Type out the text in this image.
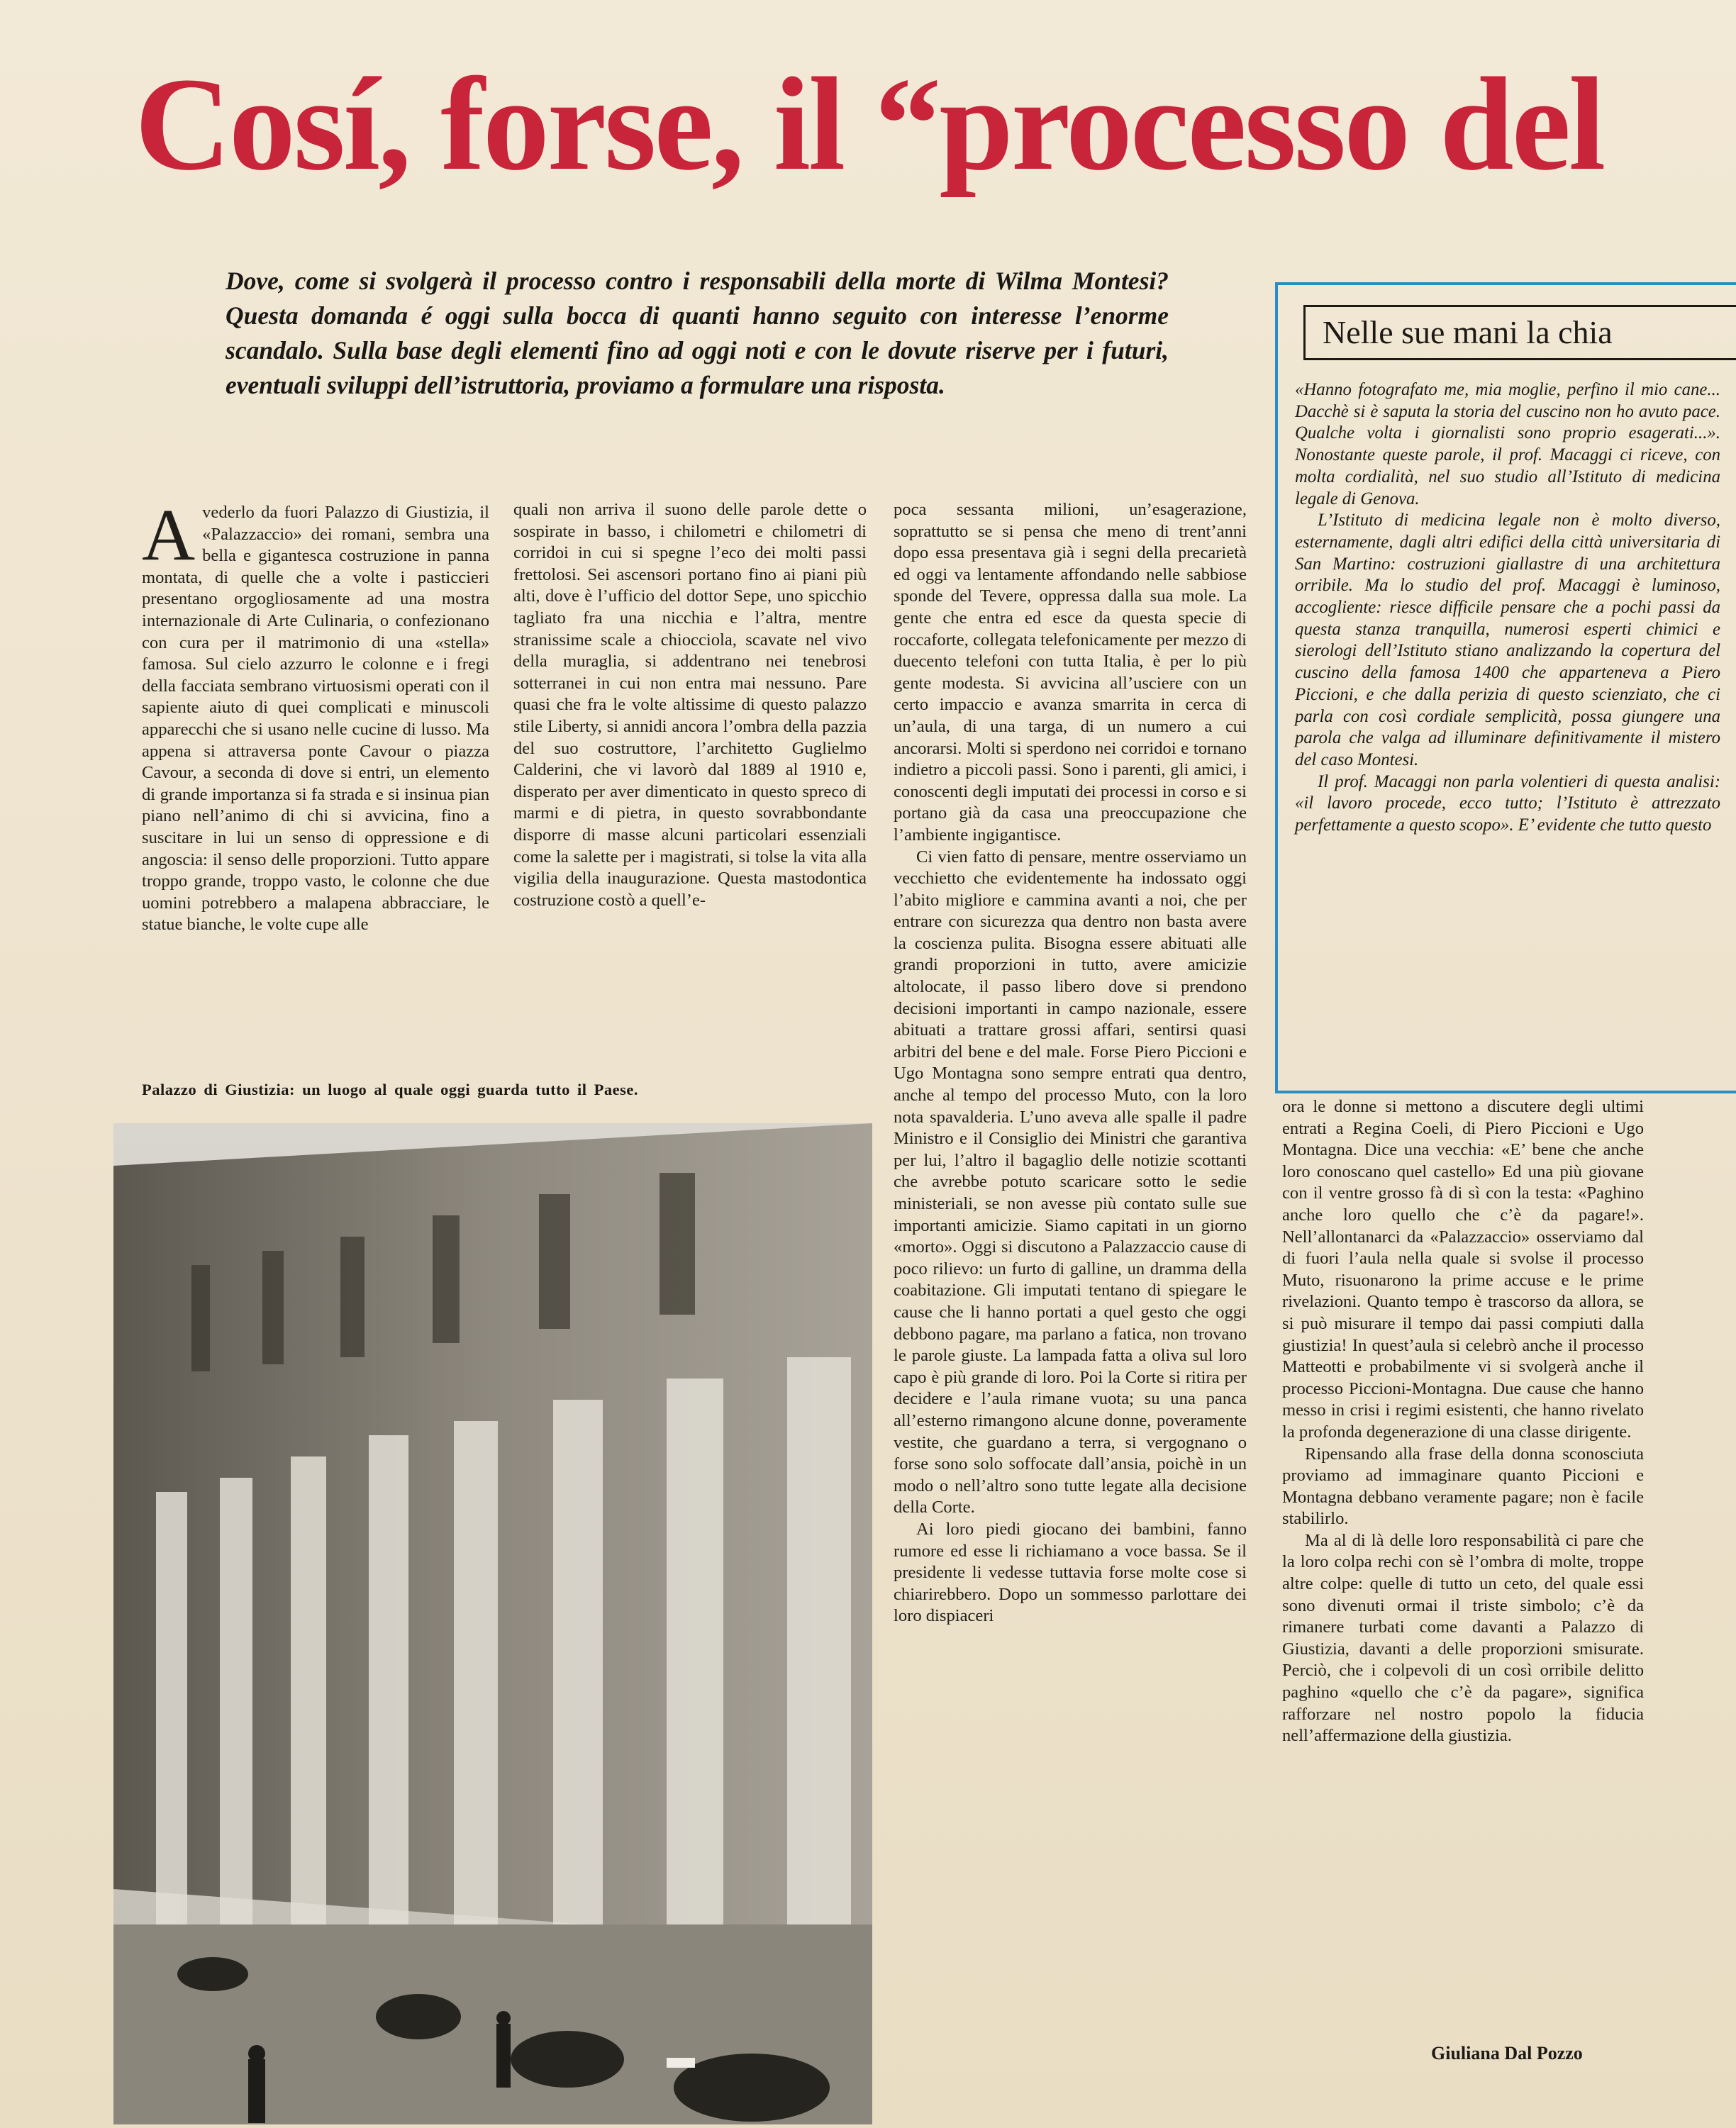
Cosí, forse, il “processo del
Dove, come si svolgerà il processo contro i responsabili della morte di Wilma Montesi? Questa domanda é oggi sulla bocca di quanti hanno seguito con interesse l’enorme scandalo. Sulla base degli elementi fino ad oggi noti e con le dovute riserve per i futuri, eventuali sviluppi dell’istruttoria, proviamo a formulare una risposta.
A vederlo da fuori Palazzo di Giustizia, il «Palazzaccio» dei romani, sembra una bella e gigantesca costruzione in panna montata, di quelle che a volte i pasticcieri presentano orgogliosamente ad una mostra internazionale di Arte Culinaria, o confezionano con cura per il matrimonio di una «stella» famosa. Sul cielo azzurro le colonne e i fregi della facciata sembrano virtuosismi operati con il sapiente aiuto di quei complicati e minuscoli apparecchi che si usano nelle cucine di lusso. Ma appena si attraversa ponte Cavour o piazza Cavour, a seconda di dove si entri, un elemento di grande importanza si fa strada e si insinua pian piano nell’animo di chi si avvicina, fino a suscitare in lui un senso di oppressione e di angoscia: il senso delle proporzioni. Tutto appare troppo grande, troppo vasto, le colonne che due uomini potrebbero a malapena abbracciare, le statue bianche, le volte cupe alle

quali non arriva il suono delle parole dette o sospirate in basso, i chilometri e chilometri di corridoi in cui si spegne l’eco dei molti passi frettolosi. Sei ascensori portano fino ai piani più alti, dove è l’ufficio del dottor Sepe, uno spicchio tagliato fra una nicchia e l’altra, mentre stranissime scale a chiocciola, scavate nel vivo della muraglia, si addentrano nei tenebrosi sotterranei in cui non entra mai nessuno. Pare quasi che fra le volte altissime di questo palazzo stile Liberty, si annidi ancora l’ombra della pazzia del suo costruttore, l’architetto Guglielmo Calderini, che vi lavorò dal 1889 al 1910 e, disperato per aver dimenticato in questo spreco di marmi e di pietra, in questo sovrabbondante disporre di masse alcuni particolari essenziali come la salette per i magistrati, si tolse la vita alla vigilia della inaugurazione. Questa mastodontica costruzione costò a quell’e-

poca sessanta milioni, un’esagerazione, soprattutto se si pensa che meno di trent’anni dopo essa presentava già i segni della precarietà ed oggi va lentamente affondando nelle sabbiose sponde del Tevere, oppressa dalla sua mole. La gente che entra ed esce da questa specie di roccaforte, collegata telefonicamente per mezzo di duecento telefoni con tutta Italia, è per lo più gente modesta. Si avvicina all’usciere con un certo impaccio e avanza smarrita in cerca di un’aula, di una targa, di un numero a cui ancorarsi. Molti si sperdono nei corridoi e tornano indietro a piccoli passi. Sono i parenti, gli amici, i conoscenti degli imputati dei processi in corso e si portano già da casa una preoccupazione che l’ambiente ingigantisce.

Ci vien fatto di pensare, mentre osserviamo un vecchietto che evidentemente ha indossato oggi l’abito migliore e cammina avanti a noi, che per entrare con sicurezza qua dentro non basta avere la coscienza pulita. Bisogna essere abituati alle grandi proporzioni in tutto, avere amicizie altolocate, il passo libero dove si prendono decisioni importanti in campo nazionale, essere abituati a trattare grossi affari, sentirsi quasi arbitri del bene e del male. Forse Piero Piccioni e Ugo Montagna sono sempre entrati qua dentro, anche al tempo del processo Muto, con la loro nota spavalderia. L’uno aveva alle spalle il padre Ministro e il Consiglio dei Ministri che garantiva per lui, l’altro il bagaglio delle notizie scottanti che avrebbe potuto scaricare sotto le sedie ministeriali, se non avesse più contato sulle sue importanti amicizie. Siamo capitati in un giorno «morto». Oggi si discutono a Palazzaccio cause di poco rilievo: un furto di galline, un dramma della coabitazione. Gli imputati tentano di spiegare le cause che li hanno portati a quel gesto che oggi debbono pagare, ma parlano a fatica, non trovano le parole giuste. La lampada fatta a oliva sul loro capo è più grande di loro. Poi la Corte si ritira per decidere e l’aula rimane vuota; su una panca all’esterno rimangono alcune donne, poveramente vestite, che guardano a terra, si vergognano o forse sono solo soffocate dall’ansia, poichè in un modo o nell’altro sono tutte legate alla decisione della Corte.

Ai loro piedi giocano dei bambini, fanno rumore ed esse li richiamano a voce bassa. Se il presidente li vedesse tuttavia forse molte cose si chiarirebbero. Dopo un sommesso parlottare dei loro dispiaceri

ora le donne si mettono a discutere degli ultimi entrati a Regina Coeli, di Piero Piccioni e Ugo Montagna. Dice una vecchia: «E’ bene che anche loro conoscano quel castello» Ed una più giovane con il ventre grosso fà di sì con la testa: «Paghino anche loro quello che c’è da pagare!». Nell’allontanarci da «Palazzaccio» osserviamo dal di fuori l’aula nella quale si svolse il processo Muto, risuonarono la prime accuse e le prime rivelazioni. Quanto tempo è trascorso da allora, se si può misurare il tempo dai passi compiuti dalla giustizia! In quest’aula si celebrò anche il processo Matteotti e probabilmente vi si svolgerà anche il processo Piccioni-Montagna. Due cause che hanno messo in crisi i regimi esistenti, che hanno rivelato la profonda degenerazione di una classe dirigente.

Ripensando alla frase della donna sconosciuta proviamo ad immaginare quanto Piccioni e Montagna debbano veramente pagare; non è facile stabilirlo.

Ma al di là delle loro responsabilità ci pare che la loro colpa rechi con sè l’ombra di molte, troppe altre colpe: quelle di tutto un ceto, del quale essi sono divenuti ormai il triste simbolo; c’è da rimanere turbati come davanti a Palazzo di Giustizia, davanti a delle proporzioni smisurate. Perciò, che i colpevoli di un così orribile delitto paghino «quello che c’è da pagare», significa rafforzare nel nostro popolo la fiducia nell’affermazione della giustizia.

Giuliana Dal Pozzo
Palazzo di Giustizia: un luogo al quale oggi guarda tutto il Paese.
Nelle sue mani la chia

«Hanno fotografato me, mia moglie, perfino il mio cane... Dacchè si è saputa la storia del cuscino non ho avuto pace. Qualche volta i giornalisti sono proprio esagerati...». Nonostante queste parole, il prof. Macaggi ci riceve, con molta cordialità, nel suo studio all’Istituto di medicina legale di Genova.

L’Istituto di medicina legale non è molto diverso, esternamente, dagli altri edifici della città universitaria di San Martino: costruzioni giallastre di una architettura orribile. Ma lo studio del prof. Macaggi è luminoso, accogliente: riesce difficile pensare che a pochi passi da questa stanza tranquilla, numerosi esperti chimici e sierologi dell’Istituto stiano analizzando la copertura del cuscino della famosa 1400 che apparteneva a Piero Piccioni, e che dalla perizia di questo scienziato, che ci parla con così cordiale semplicità, possa giungere una parola che valga ad illuminare definitivamente il mistero del caso Montesi.

Il prof. Macaggi non parla volentieri di questa analisi: «il lavoro procede, ecco tutto; l’Istituto è attrezzato perfettamente a questo scopo». E’ evidente che tutto questo
